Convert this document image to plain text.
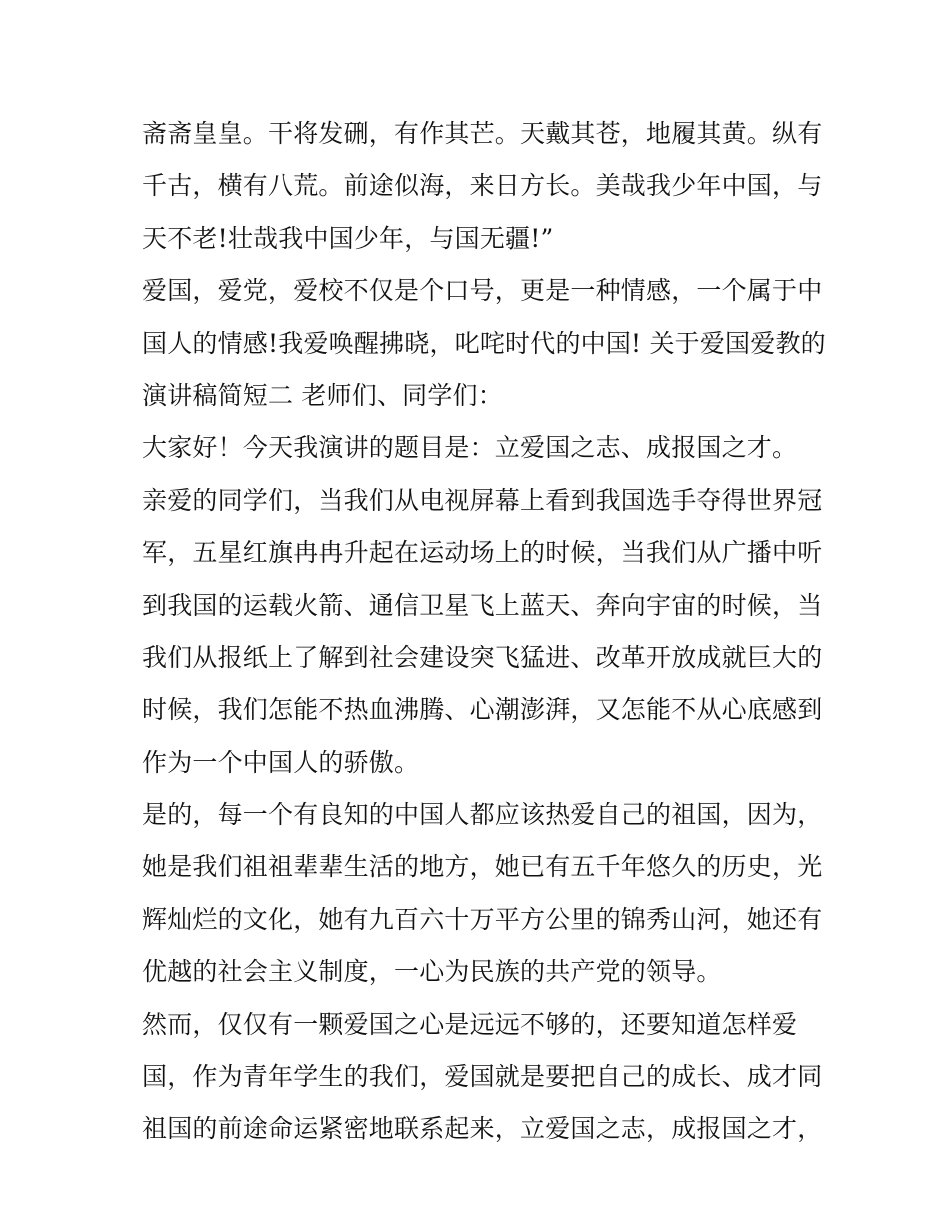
斋斋皇皇。干将发硎，有作其芒。天戴其苍，地履其黄。纵有
千古，横有八荒。前途似海，来日方长。美哉我少年中国，与
天不老!壮哉我中国少年，与国无疆!”
爱国，爱党，爱校不仅是个口号，更是一种情感，一个属于中
国人的情感!我爱唤醒拂晓，叱咤时代的中国! 关于爱国爱教的
演讲稿简短二 老师们、同学们：
大家好！今天我演讲的题目是：立爱国之志、成报国之才。
亲爱的同学们，当我们从电视屏幕上看到我国选手夺得世界冠
军，五星红旗冉冉升起在运动场上的时候，当我们从广播中听
到我国的运载火箭、通信卫星飞上蓝天、奔向宇宙的时候，当
我们从报纸上了解到社会建设突飞猛进、改革开放成就巨大的
时候，我们怎能不热血沸腾、心潮澎湃，又怎能不从心底感到
作为一个中国人的骄傲。
是的，每一个有良知的中国人都应该热爱自己的祖国，因为，
她是我们祖祖辈辈生活的地方，她已有五千年悠久的历史，光
辉灿烂的文化，她有九百六十万平方公里的锦秀山河，她还有
优越的社会主义制度，一心为民族的共产党的领导。
然而，仅仅有一颗爱国之心是远远不够的，还要知道怎样爱
国，作为青年学生的我们，爱国就是要把自己的成长、成才同
祖国的前途命运紧密地联系起来，立爱国之志，成报国之才，
